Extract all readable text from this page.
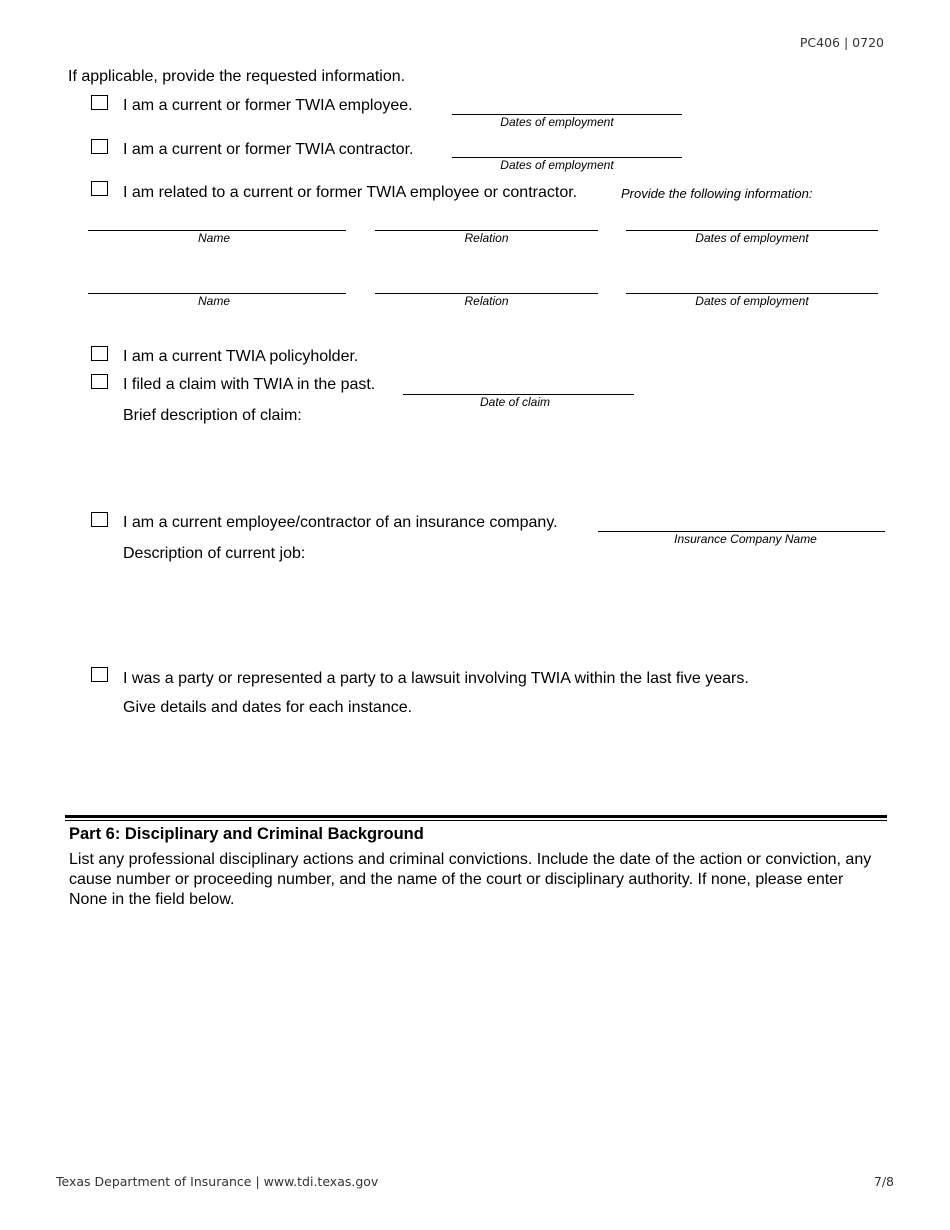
PC406 | 0720
If applicable, provide the requested information.
I am a current or former TWIA employee.
Dates of employment
I am a current or former TWIA contractor.
Dates of employment
I am related to a current or former TWIA employee or contractor.	Provide the following information:
Name	Relation	Dates of employment
Name	Relation	Dates of employment
I am a current TWIA policyholder.
I filed a claim with TWIA in the past.
Date of claim
Brief description of claim:
I am a current employee/contractor of an insurance company.
Insurance Company Name
Description of current job:
I was a party or represented a party to a lawsuit involving TWIA within the last five years.
Give details and dates for each instance.
Part 6: Disciplinary and Criminal Background
List any professional disciplinary actions and criminal convictions. Include the date of the action or conviction, any cause number or proceeding number, and the name of the court or disciplinary authority. If none, please enter None in the field below.
Texas Department of Insurance | www.tdi.texas.gov	7/8
